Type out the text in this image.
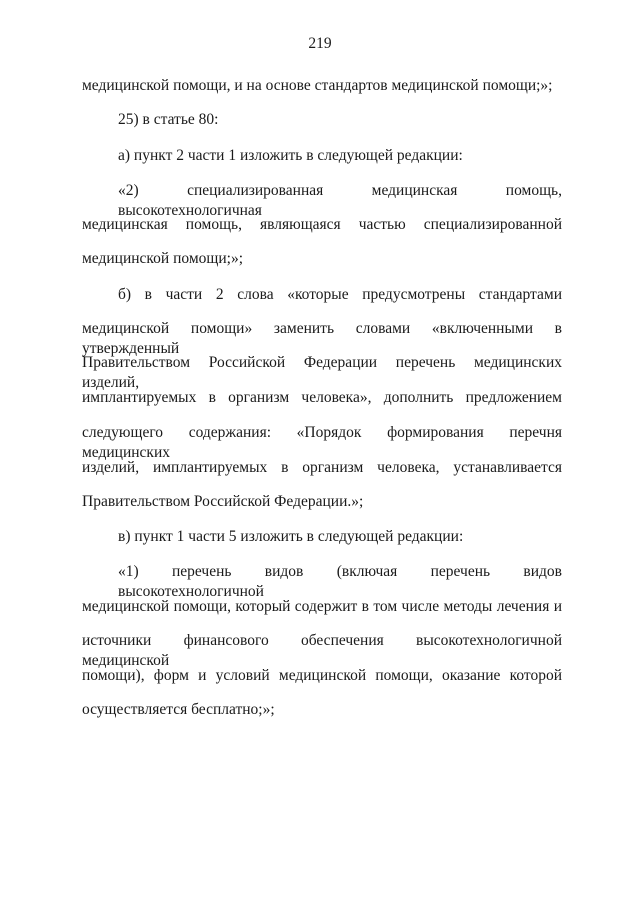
219
медицинской помощи, и на основе стандартов медицинской помощи;»;
25) в статье 80:
а) пункт 2 части 1 изложить в следующей редакции:
«2) специализированная медицинская помощь, высокотехнологичная
медицинская помощь, являющаяся частью специализированной
медицинской помощи;»;
б) в части 2 слова «которые предусмотрены стандартами
медицинской помощи» заменить словами «включенными в утвержденный
Правительством Российской Федерации перечень медицинских изделий,
имплантируемых в организм человека», дополнить предложением
следующего содержания: «Порядок формирования перечня медицинских
изделий, имплантируемых в организм человека, устанавливается
Правительством Российской Федерации.»;
в) пункт 1 части 5 изложить в следующей редакции:
«1) перечень видов (включая перечень видов высокотехнологичной
медицинской помощи, который содержит в том числе методы лечения и
источники финансового обеспечения высокотехнологичной медицинской
помощи), форм и условий медицинской помощи, оказание которой
осуществляется бесплатно;»;
